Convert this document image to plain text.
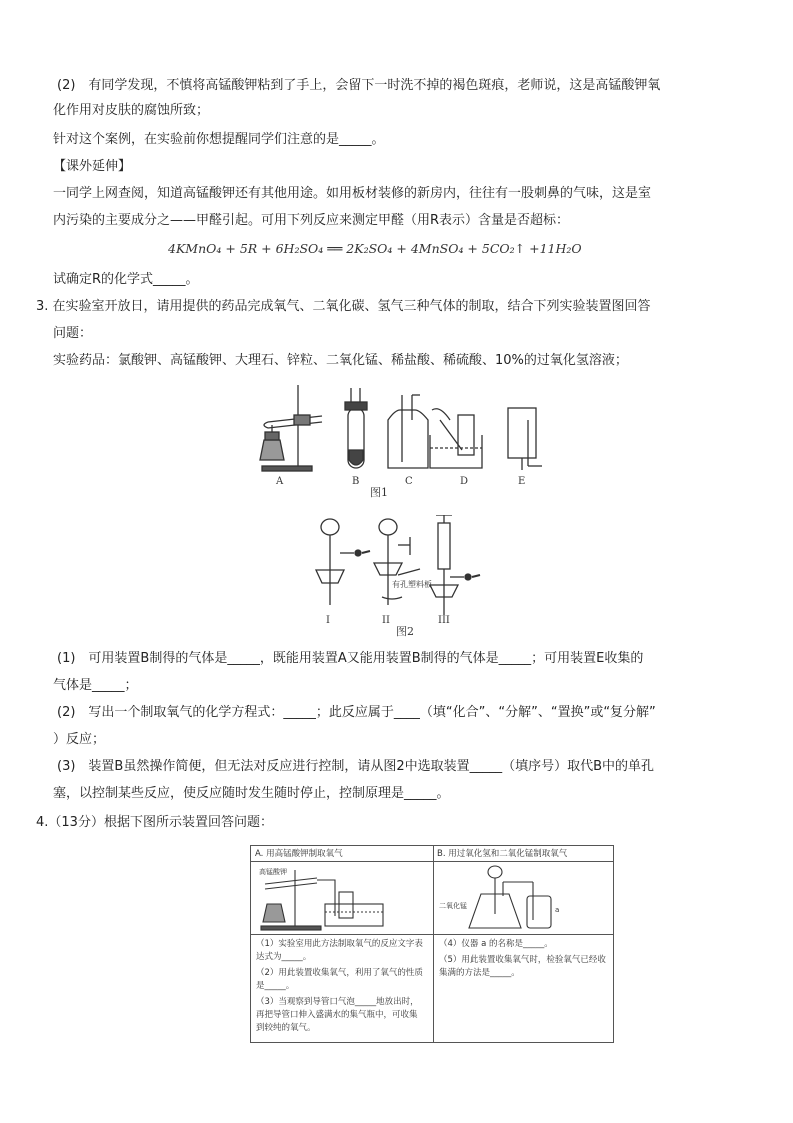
(2)　有同学发现，不慎将高锰酸钾粘到了手上，会留下一时洗不掉的褐色斑痕，老师说，这是高锰酸钾氧
化作用对皮肤的腐蚀所致；
针对这个案例，在实验前你想提醒同学们注意的是_____。
【课外延伸】
一同学上网查阅，知道高锰酸钾还有其他用途。如用板材装修的新房内，往往有一股刺鼻的气味，这是室
内污染的主要成分之——甲醛引起。可用下列反应来测定甲醛（用R表示）含量是否超标：
4KMnO₄ + 5R + 6H₂SO₄ ══ 2K₂SO₄ + 4MnSO₄ + 5CO₂↑ +11H₂O
试确定R的化学式_____。
3. 在实验室开放日，请用提供的药品完成氧气、二氧化碳、氢气三种气体的制取，结合下列实验装置图回答
问题：
实验药品：氯酸钾、高锰酸钾、大理石、锌粒、二氧化锰、稀盐酸、稀硫酸、10%的过氧化氢溶液；
A	B	C	D	E
图1
I	II	III
有孔塑料板
图2
(1)　可用装置B制得的气体是_____，既能用装置A又能用装置B制得的气体是_____；可用装置E收集的
气体是_____；
(2)　写出一个制取氧气的化学方程式：_____；此反应属于____（填“化合”、“分解”、“置换”或“复分解”
）反应；
(3)　装置B虽然操作简便，但无法对反应进行控制，请从图2中选取装置_____（填序号）取代B中的单孔
塞，以控制某些反应，使反应随时发生随时停止，控制原理是_____。
4.（13分）根据下图所示装置回答问题：
A. 用高锰酸钾制取氧气	B. 用过氧化氢和二氧化锰制取氧气
高锰酸钾
二氧化锰	a
（1）实验室用此方法制取氧气的反应文字表
达式为_____。
（2）用此装置收集氧气，利用了氧气的性质
是_____。
（3）当观察到导管口气泡_____地放出时，
再把导管口伸入盛满水的集气瓶中，可收集
到较纯的氧气。
（4）仪器 a 的名称是_____。
（5）用此装置收集氧气时，检验氧气已经收
集满的方法是_____。
